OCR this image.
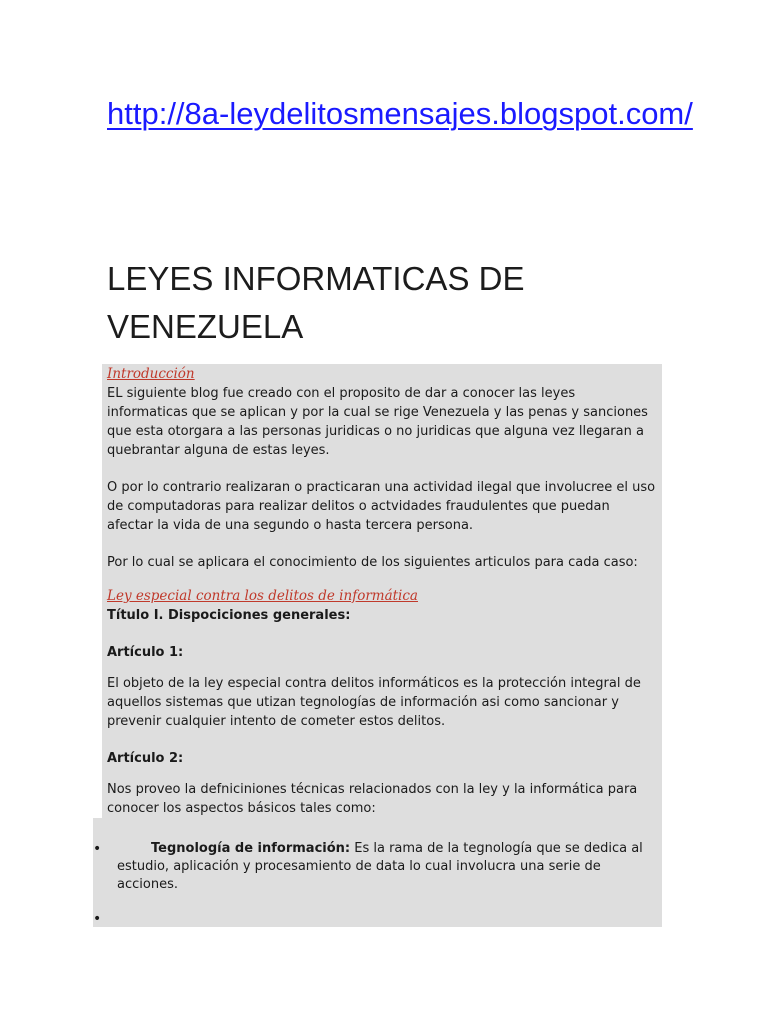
http://8a-leydelitosmensajes.blogspot.com/
LEYES INFORMATICAS DE VENEZUELA
Introducción

EL siguiente blog fue creado con el proposito de dar a conocer las leyes informaticas que se aplican y por la cual se rige Venezuela y las penas y sanciones que esta otorgara a las personas juridicas o no juridicas que alguna vez llegaran a quebrantar alguna de estas leyes.

O por lo contrario realizaran o practicaran una actividad ilegal que involucree el uso de computadoras para realizar delitos o actvidades fraudulentes que puedan afectar la vida de una segundo o hasta tercera persona.

Por lo cual se aplicara el conocimiento de los siguientes articulos para cada caso:

Ley especial contra los delitos de informática

Título I. Dispociciones generales:

Artículo 1:

El objeto de la ley especial contra delitos informáticos es la protección integral de aquellos sistemas que utizan tegnologías de información asi como sancionar y prevenir cualquier intento de cometer estos delitos.

Artículo 2:

Nos proveo la defniciniones técnicas relacionados con la ley y la informática para conocer los aspectos básicos tales como:

•	Tegnología de información: Es la rama de la tegnología que se dedica al estudio, aplicación y procesamiento de data lo cual involucra una serie de acciones.
•
